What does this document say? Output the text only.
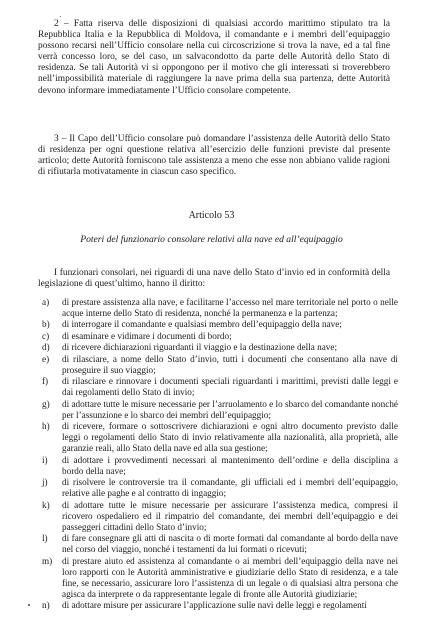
2 – Fatta riserva delle disposizioni di qualsiasi accordo marittimo stipulato tra la Repubblica Italia e la Repubblica di Moldova, il comandante e i membri dell’equipaggio possono recarsi nell’Ufficio consolare nella cui circoscrizione si trova la nave, ed a tal fine verrà concesso loro, se del caso, un salvacondotto da parte delle Autorità dello Stato di residenza. Se tali Autorità vi si oppongono per il motivo che gli interessati si troverebbero nell’impossibilità materiale di raggiungere la nave prima della sua partenza, dette Autorità devono informare immediatamente l’Ufficio consolare competente.

3 – Il Capo dell’Ufficio consolare può domandare l’assistenza delle Autorità dello Stato di residenza per ogni questione relativa all’esercizio delle funzioni previste dal presente articolo; dette Autorità forniscono tale assistenza a meno che esse non abbiano valide ragioni di rifiutarla motivatamente in ciascun caso specifico.

Articolo 53

Poteri del funzionario consolare relativi alla nave ed all’equipaggio

I funzionari consolari, nei riguardi di una nave dello Stato d’invio ed in conformità della legislazione di quest’ultimo, hanno il diritto:

a)	di prestare assistenza alla nave, e facilitarne l’accesso nel mare territoriale nel porto o nelle acque interne dello Stato di residenza, nonché la permanenza e la partenza;
b)	di interrogare il comandante e qualsiasi membro dell’equipaggio della nave;
c)	di esaminare e vidimare i documenti di bordo;
d)	di ricevere dichiarazioni riguardanti il viaggio e la destinazione della nave;
e)	di rilasciare, a nome dello Stato d’invio, tutti i documenti che consentano alla nave di proseguire il suo viaggio;
f)	di rilasciare e rinnovare i documenti speciali riguardanti i marittimi, previsti dalle leggi e dai regolamenti dello Stato di invio;
g)	di adottare tutte le misure necessarie per l’arruolamento e lo sbarco del comandante nonché per l’assunzione e lo sbarco dei membri dell’equipaggio;
h)	di ricevere, formare o sottoscrivere dichiarazioni e ogni altro documento previsto dalle leggi o regolamenti dello Stato di invio relativamente alla nazionalità, alla proprietà, alle garanzie reali, allo Stato della nave ed alla sua gestione;
i)	di adottare i provvedimenti necessari al mantenimento dell’ordine e della disciplina a bordo della nave;
j)	di risolvere le controversie tra il comandante, gli ufficiali ed i membri dell’equipaggio, relative alle paghe e al contratto di ingaggio;
k)	di adottare tutte le misure necessarie per assicurare l’assistenza medica, compresi il ricovero ospedaliero ed il rimpatrio del comandante, dei membri dell’equipaggio e dei passeggeri cittadini dello Stato d’invio;
l)	di fare consegnare gli atti di nascita o di morte formati dal comandante al bordo della nave nel corso del viaggio, nonché i testamenti da lui formati o ricevuti;
m)	di prestare aiuto ed assistenza al comandante o ai membri dell’equipaggio della nave nei loro rapporti con le Autorità amministrative e giudiziarie dello Stato di residenza, e a tale fine, se necessario, assicurare loro l’assistenza di un legale o di qualsiasi altra persona che agisca da interprete o da rappresentante legale di fronte alle Autorità giudiziarie;
n)	di adottare misure per assicurare l’applicazione sulle navi delle leggi e regolamenti
